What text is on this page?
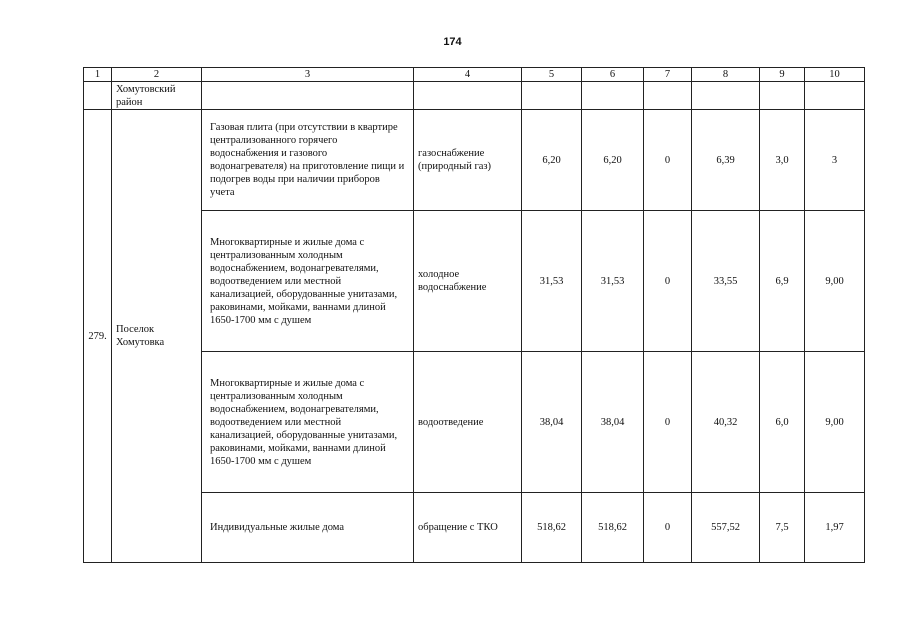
174
1	2	3	4	5	6	7	8	9	10
	Хомутовский район								
279.	Поселок Хомутовка	Газовая плита (при отсутствии в квартире централизованного горячего водоснабжения и газового водонагревателя) на приготовление пищи и подогрев воды при наличии приборов учета	газоснабжение (природный газ)	6,20	6,20	0	6,39	3,0	3
		Многоквартирные и жилые дома с централизованным холодным водоснабжением, водонагревателями, водоотведением или местной канализацией, оборудованные унитазами, раковинами, мойками, ваннами длиной 1650-1700 мм с душем	холодное водоснабжение	31,53	31,53	0	33,55	6,9	9,00
		Многоквартирные и жилые дома с централизованным холодным водоснабжением, водонагревателями, водоотведением или местной канализацией, оборудованные унитазами, раковинами, мойками, ваннами длиной 1650-1700 мм с душем	водоотведение	38,04	38,04	0	40,32	6,0	9,00
		Индивидуальные жилые дома	обращение с ТКО	518,62	518,62	0	557,52	7,5	1,97
